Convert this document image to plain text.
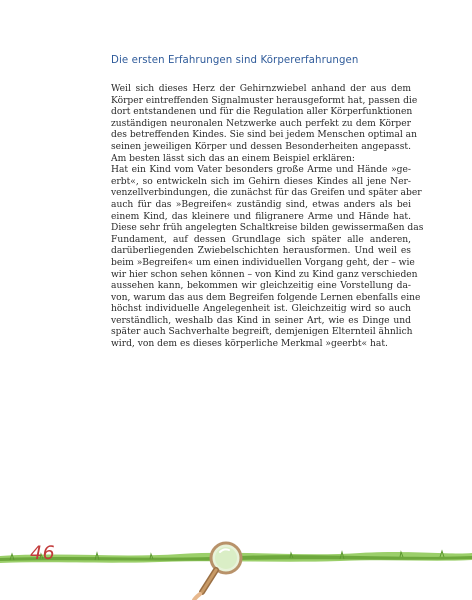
Die ersten Erfahrungen sind Körpererfahrungen
Weil sich dieses Herz der Gehirnzwiebel anhand der aus dem
Körper eintreffenden Signalmuster herausgeformt hat, passen die
dort entstandenen und für die Regulation aller Körperfunktionen
zuständigen neuronalen Netzwerke auch perfekt zu dem Körper
des betreffenden Kindes. Sie sind bei jedem Menschen optimal an
seinen jeweiligen Körper und dessen Besonderheiten angepasst.
Am besten lässt sich das an einem Beispiel erklären:
Hat ein Kind vom Vater besonders große Arme und Hände »ge-
erbt«, so entwickeln sich im Gehirn dieses Kindes all jene Ner-
venzellverbindungen, die zunächst für das Greifen und später aber
auch für das »Begreifen« zuständig sind, etwas anders als bei
einem Kind, das kleinere und filigranere Arme und Hände hat.
Diese sehr früh angelegten Schaltkreise bilden gewissermaßen das
Fundament, auf dessen Grundlage sich später alle anderen,
darüberliegenden Zwiebelschichten herausformen. Und weil es
beim »Begreifen« um einen individuellen Vorgang geht, der – wie
wir hier schon sehen können – von Kind zu Kind ganz verschieden
aussehen kann, bekommen wir gleichzeitig eine Vorstellung da-
von, warum das aus dem Begreifen folgende Lernen ebenfalls eine
höchst individuelle Angelegenheit ist. Gleichzeitig wird so auch
verständlich, weshalb das Kind in seiner Art, wie es Dinge und
später auch Sachverhalte begreift, demjenigen Elternteil ähnlich
wird, von dem es dieses körperliche Merkmal »geerbt« hat.
46
